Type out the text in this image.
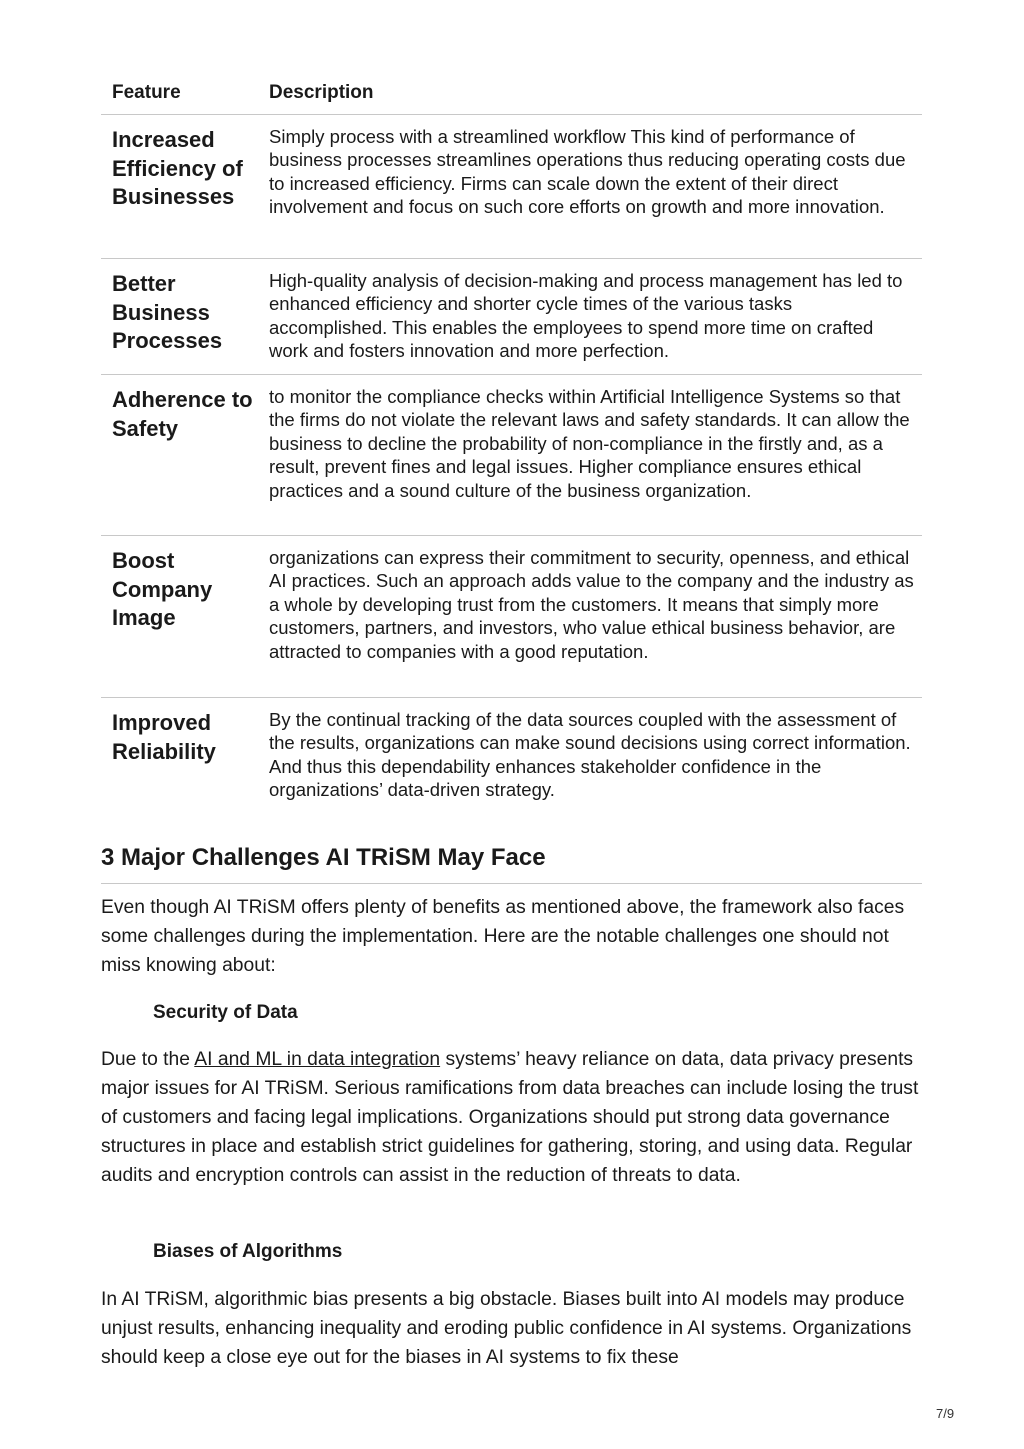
Feature	Description
Increased Efficiency of Businesses	Simply process with a streamlined workflow This kind of performance of business processes streamlines operations thus reducing operating costs due to increased efficiency. Firms can scale down the extent of their direct involvement and focus on such core efforts on growth and more innovation.
Better Business Processes	High-quality analysis of decision-making and process management has led to enhanced efficiency and shorter cycle times of the various tasks accomplished. This enables the employees to spend more time on crafted work and fosters innovation and more perfection.
Adherence to Safety	to monitor the compliance checks within Artificial Intelligence Systems so that the firms do not violate the relevant laws and safety standards. It can allow the business to decline the probability of non-compliance in the firstly and, as a result, prevent fines and legal issues. Higher compliance ensures ethical practices and a sound culture of the business organization.
Boost Company Image	organizations can express their commitment to security, openness, and ethical AI practices. Such an approach adds value to the company and the industry as a whole by developing trust from the customers. It means that simply more customers, partners, and investors, who value ethical business behavior, are attracted to companies with a good reputation.
Improved Reliability	By the continual tracking of the data sources coupled with the assessment of the results, organizations can make sound decisions using correct information. And thus this dependability enhances stakeholder confidence in the organizations’ data-driven strategy.
3 Major Challenges AI TRiSM May Face

Even though AI TRiSM offers plenty of benefits as mentioned above, the framework also faces some challenges during the implementation. Here are the notable challenges one should not miss knowing about:

Security of Data

Due to the AI and ML in data integration systems’ heavy reliance on data, data privacy presents major issues for AI TRiSM. Serious ramifications from data breaches can include losing the trust of customers and facing legal implications. Organizations should put strong data governance structures in place and establish strict guidelines for gathering, storing, and using data. Regular audits and encryption controls can assist in the reduction of threats to data.

Biases of Algorithms

In AI TRiSM, algorithmic bias presents a big obstacle. Biases built into AI models may produce unjust results, enhancing inequality and eroding public confidence in AI systems. Organizations should keep a close eye out for the biases in AI systems to fix these

7/9
